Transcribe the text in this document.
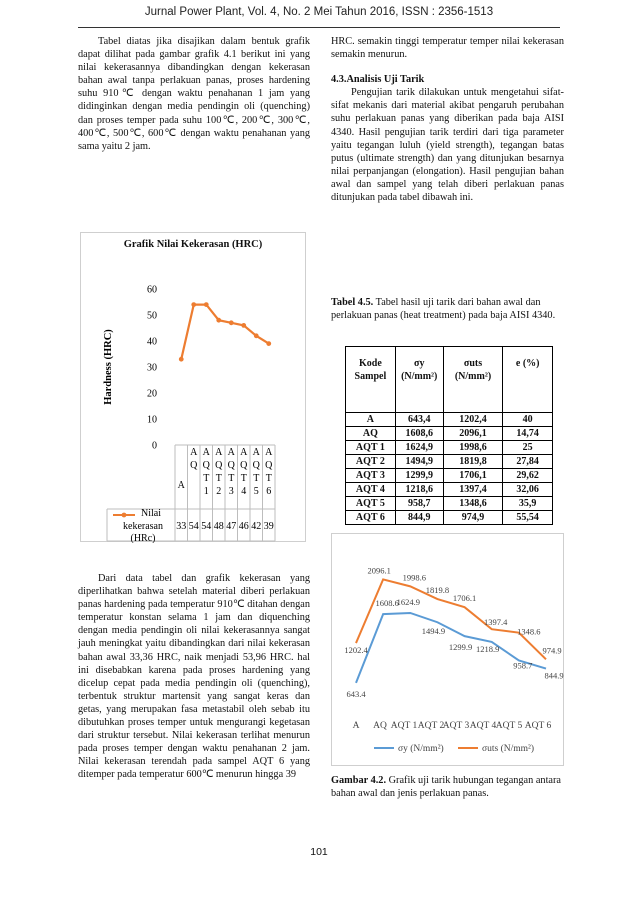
Jurnal Power Plant, Vol. 4, No. 2 Mei Tahun 2016, ISSN : 2356-1513

Tabel diatas jika disajikan dalam bentuk grafik dapat dilihat pada gambar grafik 4.1 berikut ini yang nilai kekerasannya dibandingkan dengan kekerasan bahan awal tanpa perlakuan panas, proses hardening suhu 910℃ dengan waktu penahanan 1 jam yang didinginkan dengan media pendingin oli (quenching) dan proses temper pada suhu 100℃, 200℃, 300℃, 400℃, 500℃, 600℃ dengan waktu penahanan yang sama yaitu 2 jam.

Grafik Nilai Kekerasan (HRC)
Hardness (HRC)
0
10
20
30
40
50
60
A
A
Q
A
Q
T
1
A
Q
T
2
A
Q
T
3
A
Q
T
4
A
Q
T
5
A
Q
T
6
Nilai
kekerasan
(HRc)
33 54 54 48 47 46 42 39

Dari data tabel dan grafik kekerasan yang diperlihatkan bahwa setelah material diberi perlakuan panas hardening pada temperatur 910℃ ditahan dengan temperatur konstan selama 1 jam dan diquenching dengan media pendingin oli nilai kekerasannya sangat jauh meningkat yaitu dibandingkan dari nilai kekerasan bahan awal 33,36 HRC, naik menjadi 53,96 HRC. hal ini disebabkan karena pada proses hardening yang dicelup cepat pada media pendingin oli (quenching), terbentuk struktur martensit yang sangat keras dan getas, yang merupakan fasa metastabil oleh sebab itu dibutuhkan proses temper untuk mengurangi kegetasan dari struktur tersebut. Nilai kekerasan terlihat menurun pada proses temper dengan waktu penahanan 2 jam. Nilai kekerasan terendah pada sampel AQT 6 yang ditemper pada temperatur 600℃ menurun hingga 39

HRC. semakin tinggi temperatur temper nilai kekerasan semakin menurun.

4.3.Analisis Uji Tarik

Pengujian tarik dilakukan untuk mengetahui sifat-sifat mekanis dari material akibat pengaruh perubahan suhu perlakuan panas yang diberikan pada baja AISI 4340. Hasil pengujian tarik terdiri dari tiga parameter yaitu tegangan luluh (yield strength), tegangan batas putus (ultimate strength) dan yang ditunjukan besarnya nilai perpanjangan (elongation). Hasil pengujian bahan awal dan sampel yang telah diberi perlakuan panas ditunjukan pada tabel dibawah ini.

Tabel 4.5. Tabel hasil uji tarik dari bahan awal dan perlakuan panas (heat treatment) pada baja AISI 4340.
Kode Sampel	σy (N/mm²)	σuts (N/mm²)	e (%)
A	643,4	1202,4	40
AQ	1608,6	2096,1	14,74
AQT 1	1624,9	1998,6	25
AQT 2	1494,9	1819,8	27,84
AQT 3	1299,9	1706,1	29,62
AQT 4	1218,6	1397,4	32,06
AQT 5	958,7	1348,6	35,9
AQT 6	844,9	974,9	55,54
643.4
1608.6
1624.9
1494.9
1299.9 1218.9
958.7
844.9
1202.4
2096.1
1998.6
1819.8
1706.1
1397.4
1348.6
974.9
A AQ AQT 1 AQT 2
AQT 3 AQT 4 AQT 5 AQT 6
σy (N/mm²)	σuts (N/mm²)
Gambar 4.2. Grafik uji tarik hubungan tegangan antara bahan awal dan jenis perlakuan panas.
101
